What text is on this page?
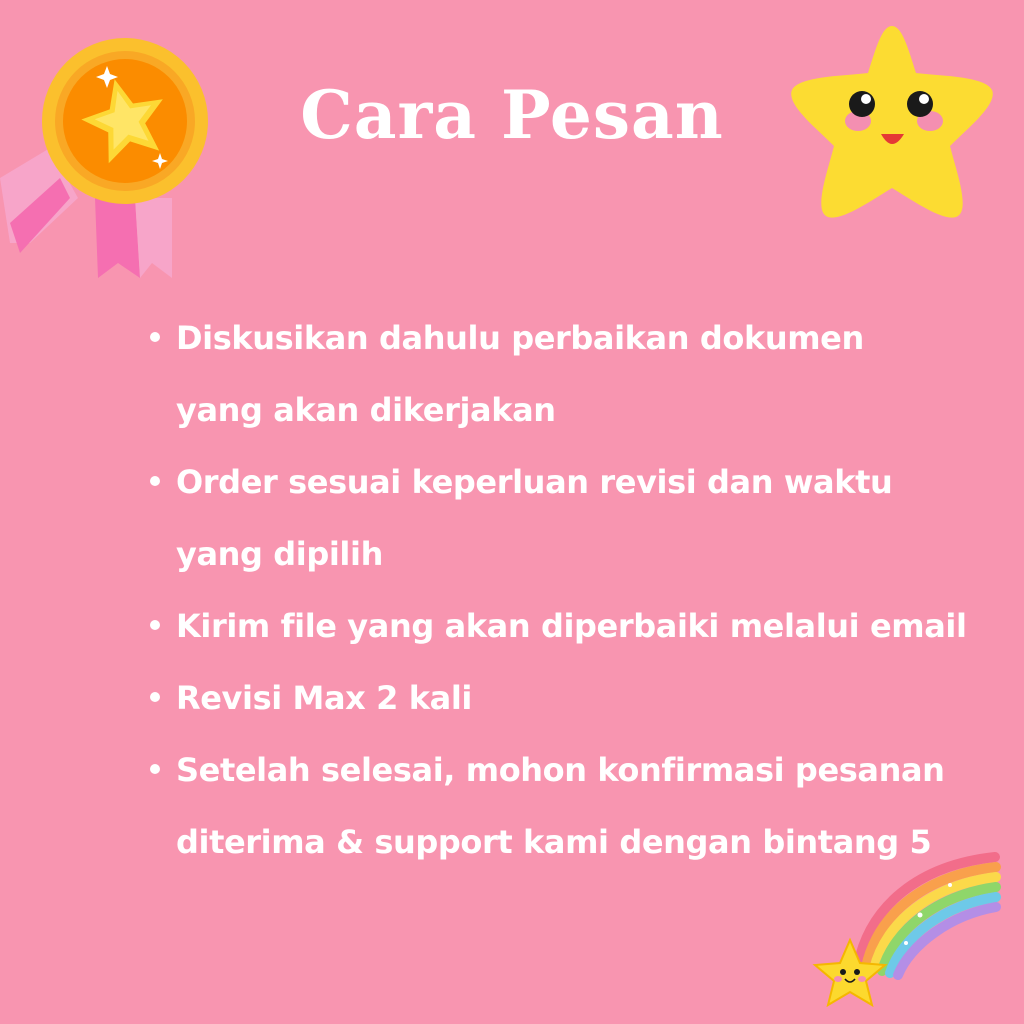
Cara Pesan
Diskusikan dahulu perbaikan dokumen
yang akan dikerjakan
Order sesuai keperluan revisi dan waktu
yang dipilih
Kirim file yang akan diperbaiki melalui email
Revisi Max 2 kali
Setelah selesai, mohon konfirmasi pesanan
diterima & support kami dengan bintang 5
